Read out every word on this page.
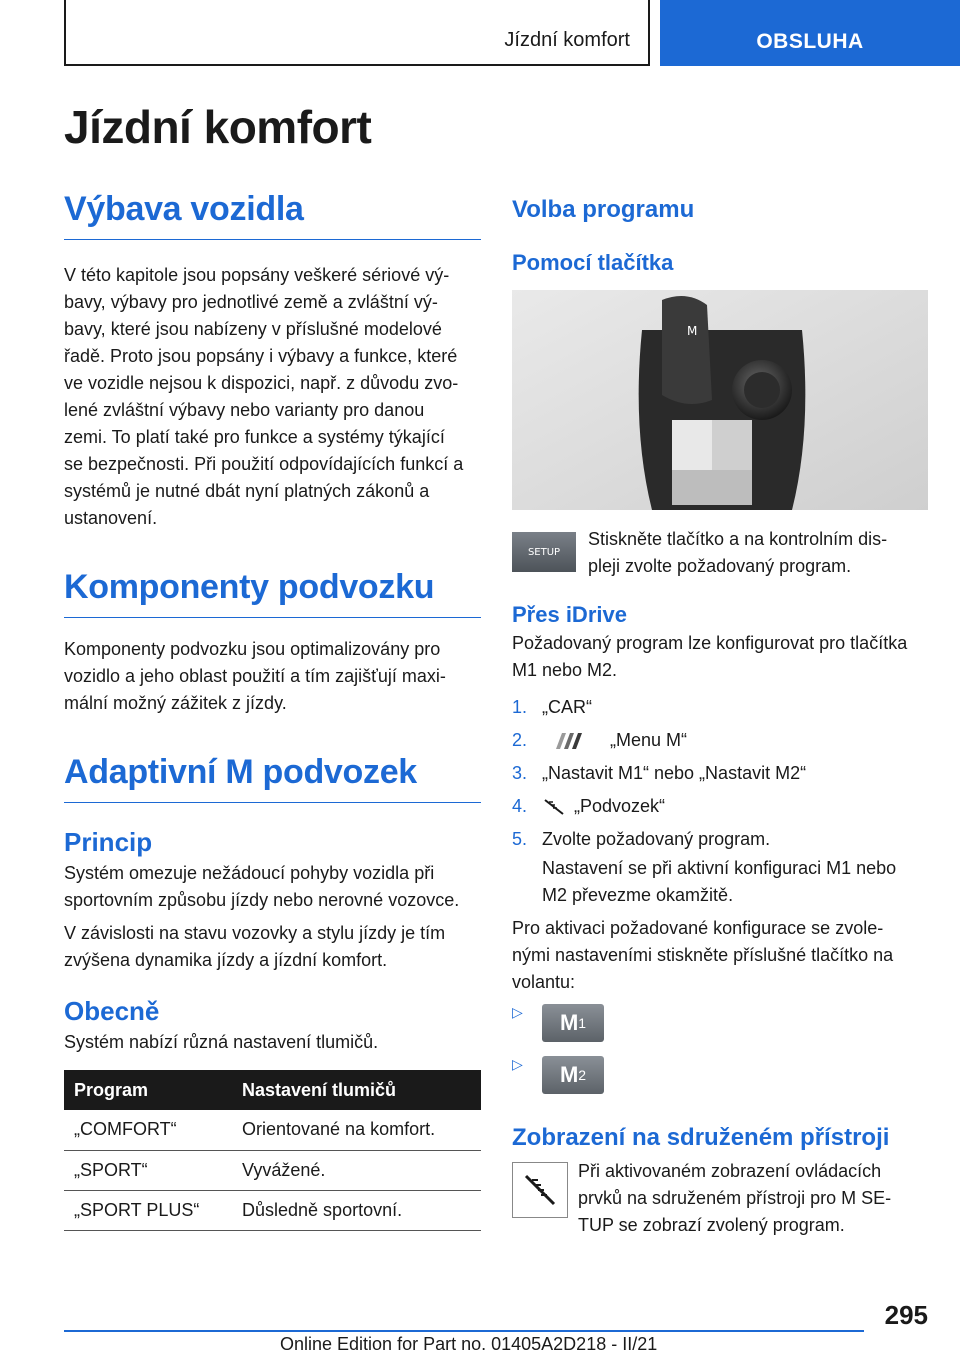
Jízdní komfort	OBSLUHA
Jízdní komfort
Výbava vozidla
V této kapitole jsou popsány veškeré sériové vý-
bavy, výbavy pro jednotlivé země a zvláštní vý-
bavy, které jsou nabízeny v příslušné modelové
řadě. Proto jsou popsány i výbavy a funkce, které
ve vozidle nejsou k dispozici, např. z důvodu zvo-
lené zvláštní výbavy nebo varianty pro danou
zemi. To platí také pro funkce a systémy týkající
se bezpečnosti. Při použití odpovídajících funkcí a
systémů je nutné dbát nyní platných zákonů a
ustanovení.
Komponenty podvozku
Komponenty podvozku jsou optimalizovány pro
vozidlo a jeho oblast použití a tím zajišťují maxi-
mální možný zážitek z jízdy.
Adaptivní M podvozek
Princip
Systém omezuje nežádoucí pohyby vozidla při
sportovním způsobu jízdy nebo nerovné vozovce.
V závislosti na stavu vozovky a stylu jízdy je tím
zvýšena dynamika jízdy a jízdní komfort.
Obecně
Systém nabízí různá nastavení tlumičů.
Program	Nastavení tlumičů
„COMFORT“	Orientované na komfort.
„SPORT“	Vyvážené.
„SPORT PLUS“	Důsledně sportovní.
Volba programu
Pomocí tlačítka
M
SETUP
Stiskněte tlačítko a na kontrolním dis-
pleji zvolte požadovaný program.
Přes iDrive
Požadovaný program lze konfigurovat pro tlačítka
M1 nebo M2.
1. „CAR“
2.	„Menu M“
3. „Nastavit M1“ nebo „Nastavit M2“
4.	„Podvozek“
5. Zvolte požadovaný program.
Nastavení se při aktivní konfiguraci M1 nebo
M2 převezme okamžitě.
Pro aktivaci požadované konfigurace se zvole-
nými nastaveními stiskněte příslušné tlačítko na
volantu:
▷	M 1
▷	M 2
Zobrazení na sdruženém přístroji
Při aktivovaném zobrazení ovládacích
prvků na sdruženém přístroji pro M SE-
TUP se zobrazí zvolený program.
295
Online Edition for Part no. 01405A2D218 - II/21
